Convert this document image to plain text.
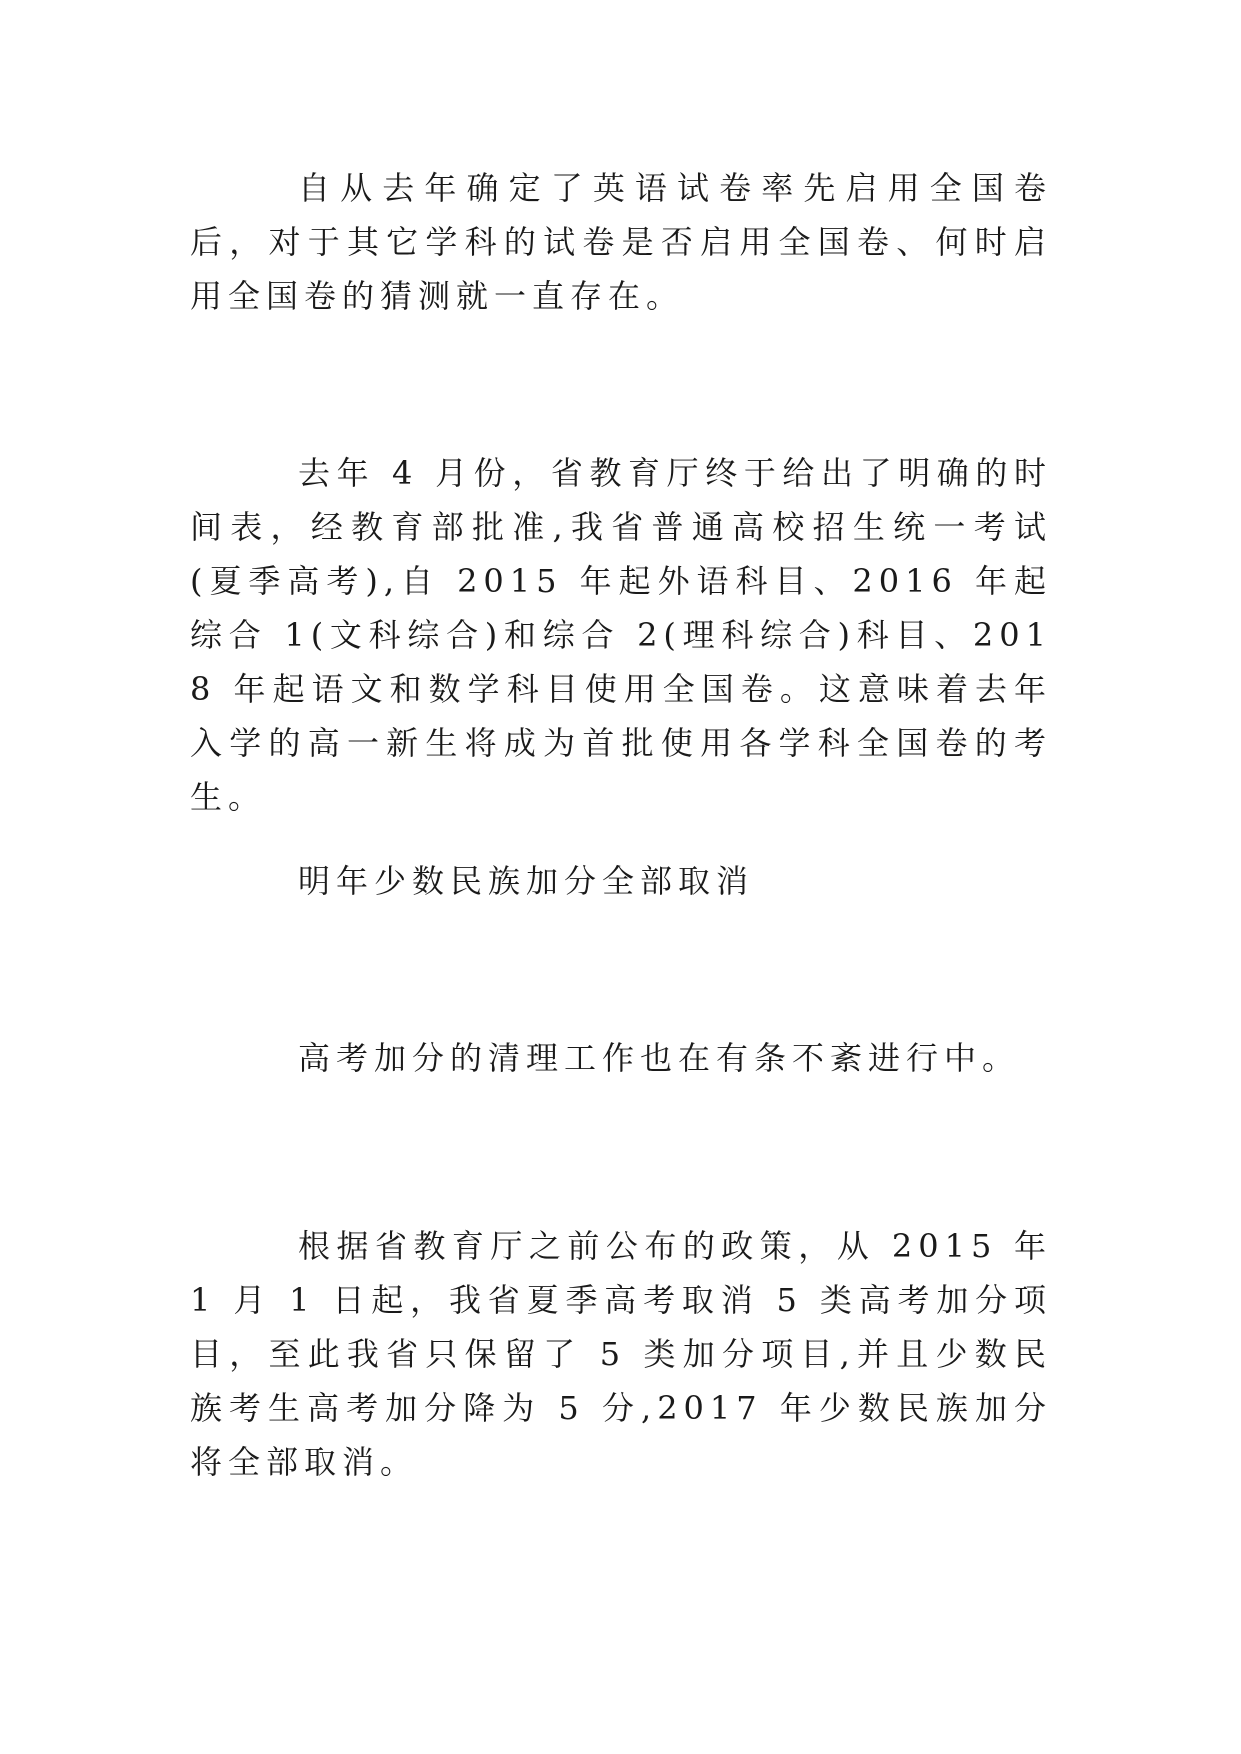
自从去年确定了英语试卷率先启用全国卷后，对于其它学科的试卷是否启用全国卷、何时启用全国卷的猜测就一直存在。

去年 4 月份，省教育厅终于给出了明确的时间表，经教育部批准,我省普通高校招生统一考试(夏季高考),自 2015 年起外语科目、2016 年起综合 1(文科综合)和综合 2(理科综合)科目、2018 年起语文和数学科目使用全国卷。这意味着去年入学的高一新生将成为首批使用各学科全国卷的考生。

明年少数民族加分全部取消

高考加分的清理工作也在有条不紊进行中。

根据省教育厅之前公布的政策，从 2015 年 1 月 1 日起，我省夏季高考取消 5 类高考加分项目，至此我省只保留了 5 类加分项目,并且少数民族考生高考加分降为 5 分,2017 年少数民族加分将全部取消。
